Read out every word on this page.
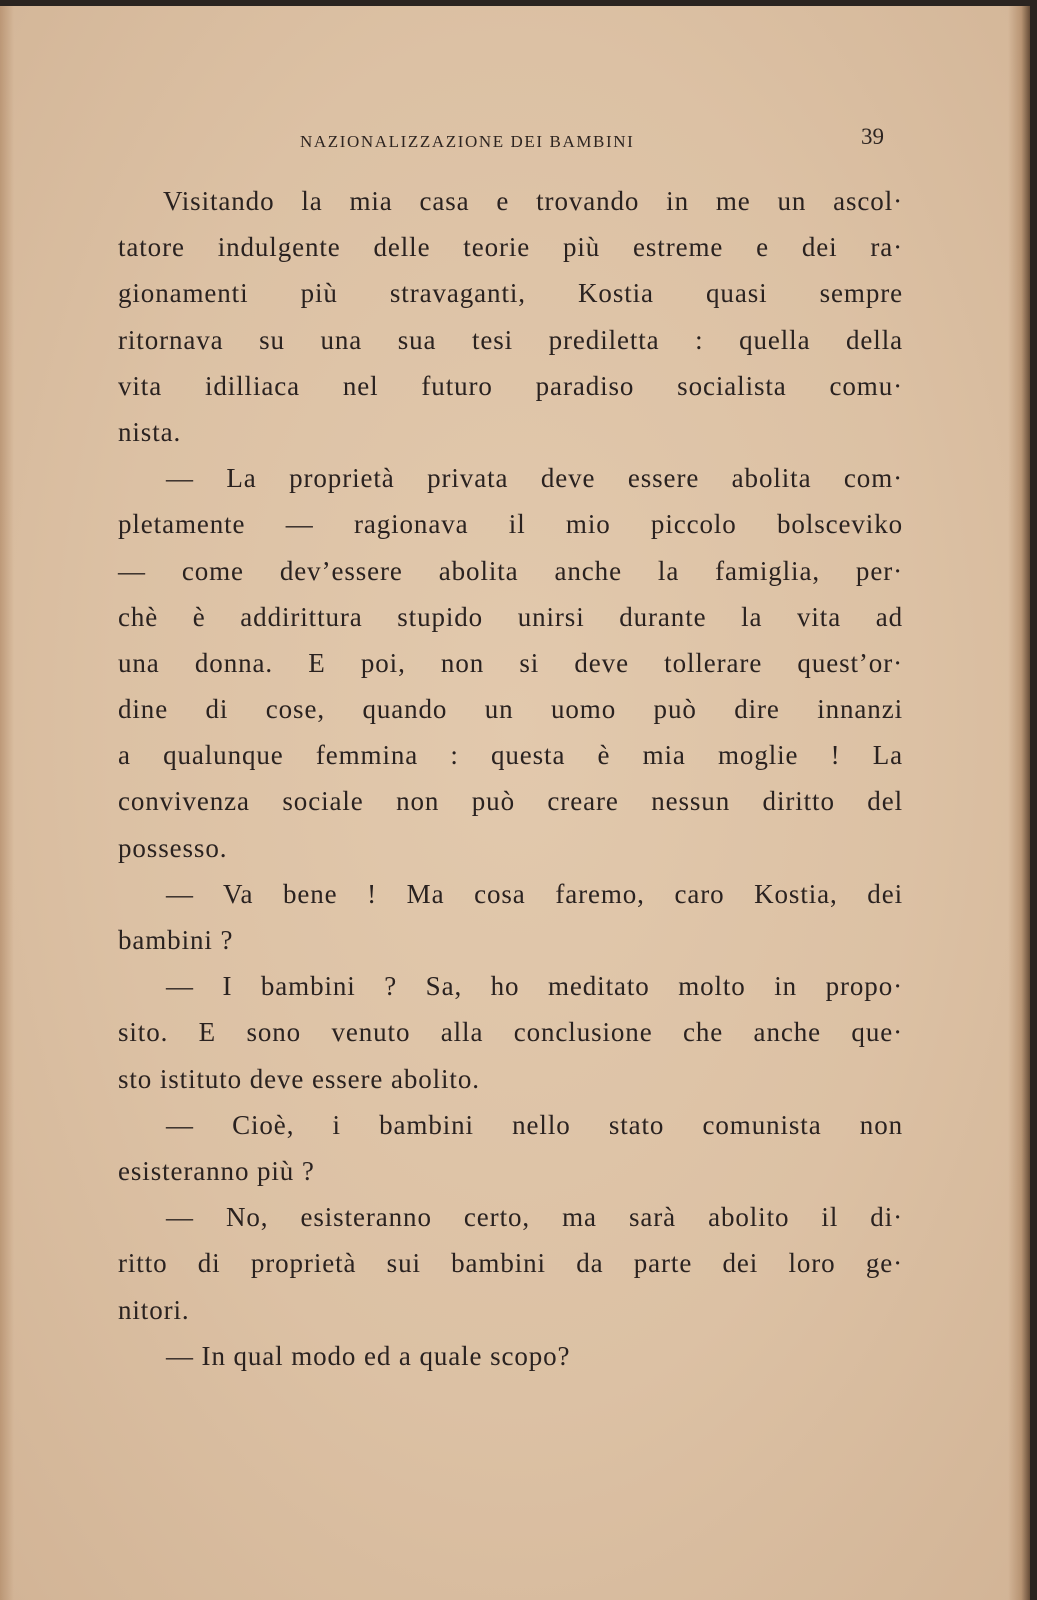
NAZIONALIZZAZIONE DEI BAMBINI	39
Visitando la mia casa e trovando in me un ascol·
tatore indulgente delle teorie più estreme e dei ra·
gionamenti più stravaganti, Kostia quasi sempre
ritornava su una sua tesi prediletta : quella della
vita idilliaca nel futuro paradiso socialista comu·
nista.
— La proprietà privata deve essere abolita com·
pletamente — ragionava il mio piccolo bolsceviko
— come dev’essere abolita anche la famiglia, per·
chè è addirittura stupido unirsi durante la vita ad
una donna. E poi, non si deve tollerare quest’or·
dine di cose, quando un uomo può dire innanzi
a qualunque femmina : questa è mia moglie ! La
convivenza sociale non può creare nessun diritto del
possesso.
— Va bene ! Ma cosa faremo, caro Kostia, dei
bambini ?
— I bambini ? Sa, ho meditato molto in propo·
sito. E sono venuto alla conclusione che anche que·
sto istituto deve essere abolito.
— Cioè, i bambini nello stato comunista non
esisteranno più ?
— No, esisteranno certo, ma sarà abolito il di·
ritto di proprietà sui bambini da parte dei loro ge·
nitori.
— In qual modo ed a quale scopo?
